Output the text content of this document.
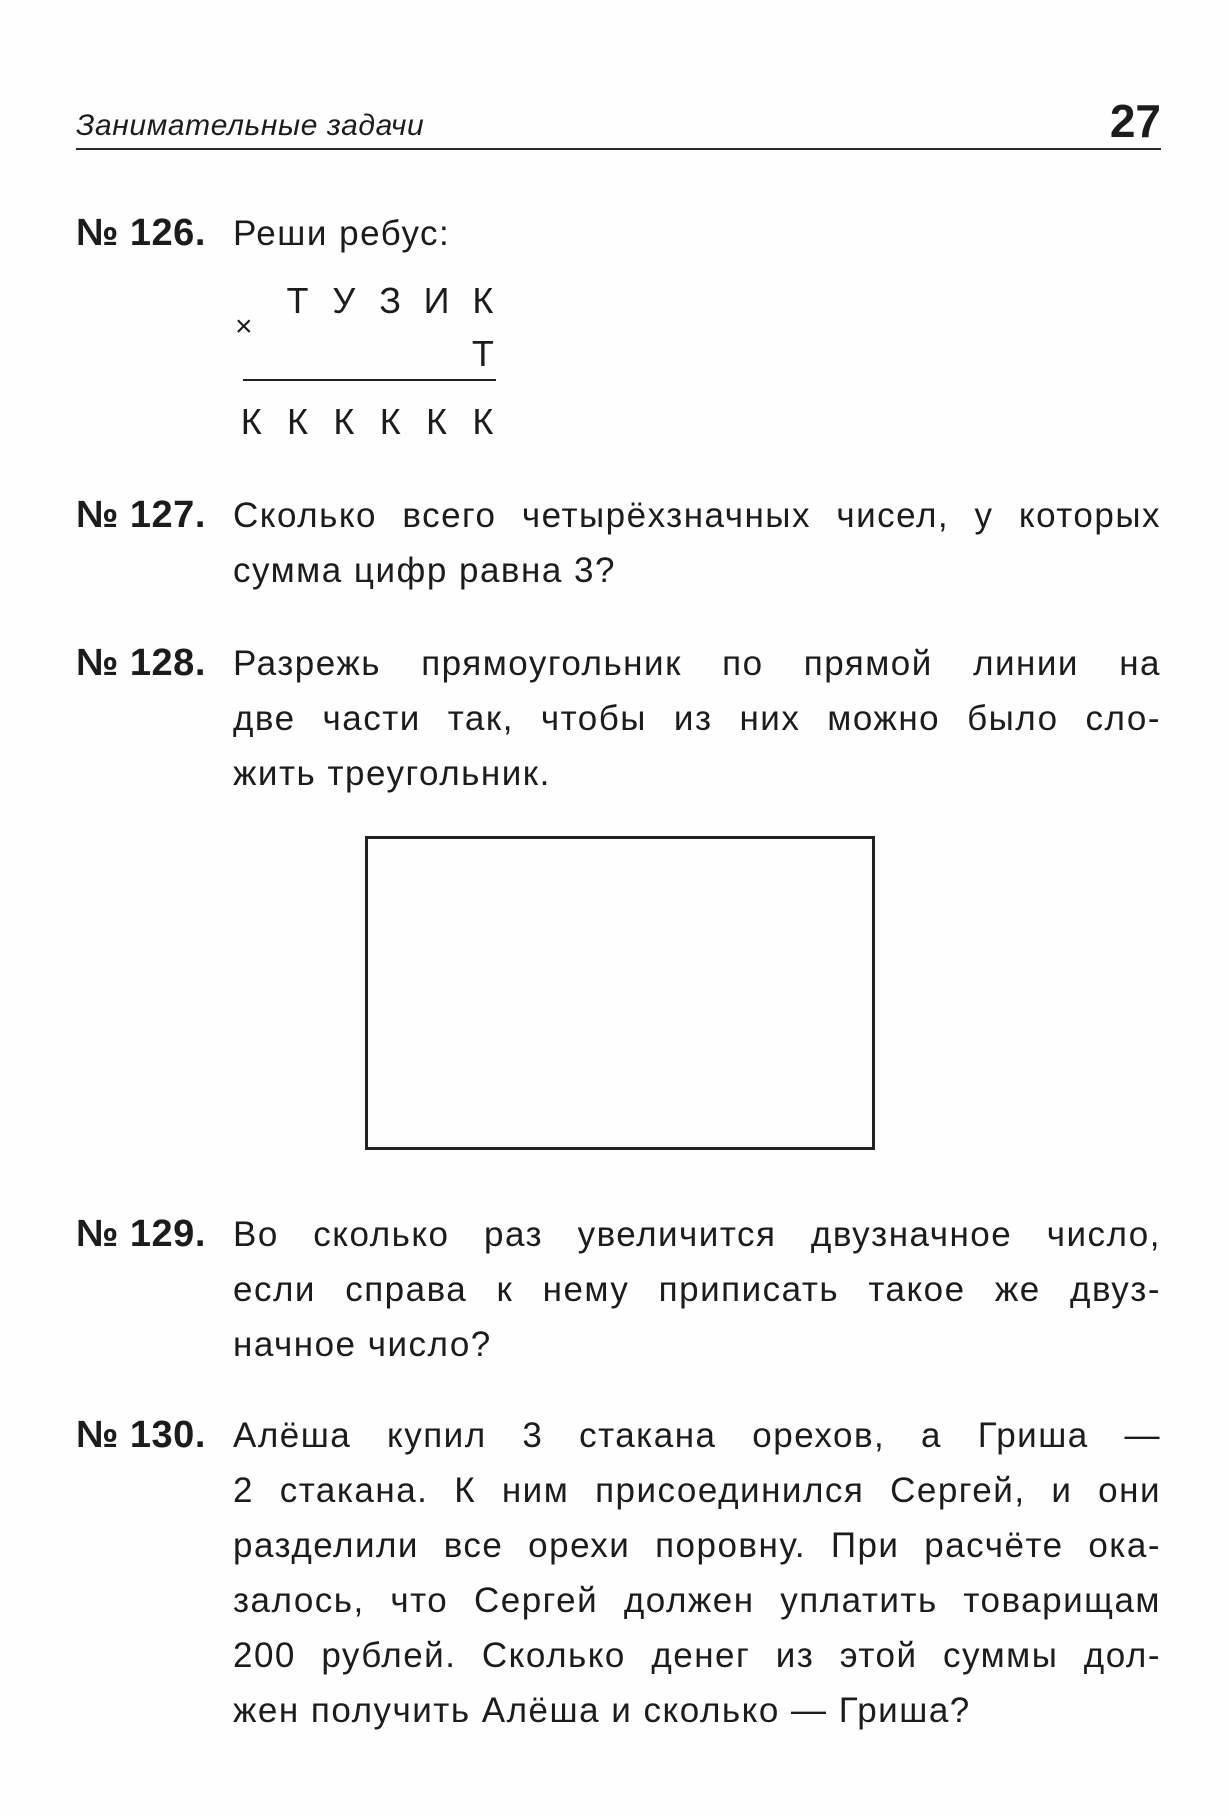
Занимательные задачи	27
№ 126. Реши ребус:
Т У З И К
×
Т
К К К К К К
№ 127. Сколько всего четырёхзначных чисел, у которых
сумма цифр равна 3?
№ 128. Разрежь прямоугольник по прямой линии на
две части так, чтобы из них можно было сло-
жить треугольник.
№ 129. Во сколько раз увеличится двузначное число,
если справа к нему приписать такое же двуз-
начное число?
№ 130. Алёша купил 3 стакана орехов, а Гриша —
2 стакана. К ним присоединился Сергей, и они
разделили все орехи поровну. При расчёте ока-
залось, что Сергей должен уплатить товарищам
200 рублей. Сколько денег из этой суммы дол-
жен получить Алёша и сколько — Гриша?
